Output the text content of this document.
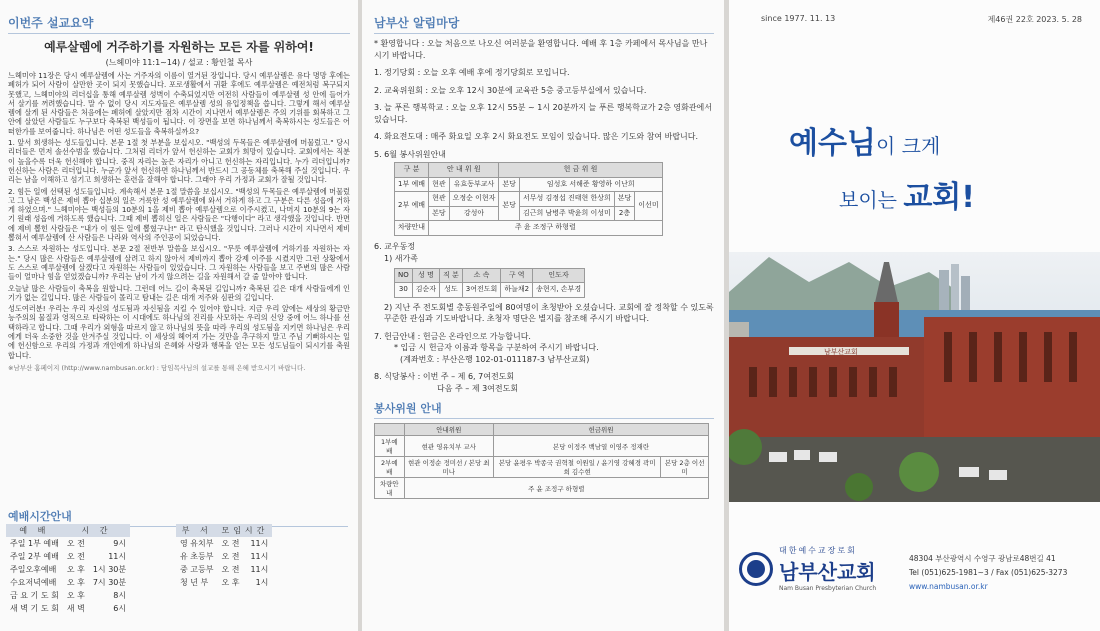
이번주 설교요약
예루살렘에 거주하기를 자원하는 모든 자를 위하여!
(느헤미야 11:1~14) / 설교 : 황인철 목사

느헤미야 11장은 당시 예루살렘에 사는 거주자의 이름이 열거된 장입니다. 당시 예루살렘은 유다 명망 후에는 폐허가 되어 사람이 살만한 곳이 되지 못했습니다. 포로생활에서 귀환 후에도 예루살렘은 예전처럼 복구되지 못했고, 느헤미야의 리더십을 통해 예루살렘 성벽이 수축되었지만 여전히 사람들이 예루살렘 성 안에 들어가서 살기를 꺼려했습니다. 말 수 없이 당시 지도자들은 예루살렘 성의 유입정책을 씁니다. 그렇게 해서 예루살렘에 살게 된 사람들은 처음에는 폐허에 살았지만 점차 시간이 지나면서 예루살렘은 주의 기위를 회복하고 그 안에 살았던 사람들도 누구보다 축복된 백성들이 됩니다. 이 장면을 보면 하나님께서 축복하시는 성도들은 어떠한가를 보여줍니다. 하나님은 어떤 성도들을 축복하실까요?

1. 앞서 희생하는 성도들입니다. 본문 1절 첫 부분을 보십시오. "백성의 두목들은 예루살렘에 머물렀고." 당시 리더들은 먼저 솔선수범을 했습니다. 그처럼 리더가 앞서 헌신하는 교회가 희망이 있습니다. 교회에서는 직분이 높을수록 더욱 헌신해야 합니다. 중직 자리는 높은 자리가 아니고 헌신하는 자리입니다. 누가 리더입니까? 헌신하는 사람은 리더입니다. 누군가 앞서 헌신하면 하나님께서 반드시 그 공동체를 축복해 주실 것입니다. 우리는 남을 이해하고 섬기고 희생하는 훈련을 잘해야 합니다. 그래야 우리 가정과 교회가 잘될 것입니다.

2. 힘든 일에 선택된 성도들입니다. 계속해서 본문 1절 말씀을 보십시오. "백성의 두목들은 예루살렘에 머물렀고 그 남은 백성은 제비 뽑아 십분의 일은 거룩한 성 예루살렘에 와서 거하게 하고 그 구분은 다른 성읍에 거하게 하였으며." 느헤미야는 백성들의 10분의 1을 제비 뽑아 예루살렘으로 이주시켰고, 나머지 10분의 9는 자기 원래 성읍에 거하도록 했습니다. 그때 제비 뽑히신 일은 사람들은 "다행이다" 라고 생각했을 것입니다. 반면에 제비 뽑힌 사람들은 "내가 이 힘든 일에 뽑혔구나!" 라고 탄식했을 것입니다. 그러나 시간이 지나면서 제비 뽑혀서 예루살렘에 산 사람들은 나라와 역사의 주인공이 되었습니다.

3. 스스로 자원하는 성도입니다. 본문 2절 전반부 말씀을 보십시오. "무릇 예루살렘에 거하기를 자원하는 자는." 당시 많은 사람들은 예루살렘에 살려고 하지 않아서 제비까지 뽑아 강제 이주를 시켰지만 그런 상황에서도 스스로 예루살렘에 살겠다고 자원하는 사람들이 있었습니다. 그 자원하는 사람들을 보고 주변의 많은 사람들이 얼마나 힘을 얻었겠습니까? 우리는 남이 가지 않으려는 길을 자원해서 갈 줄 알아야 합니다.

오늘날 많은 사람들이 축복을 원합니다. 그런데 어느 길이 축복된 길입니까? 축복된 길은 대개 사람들에게 인기가 없는 길입니다. 많은 사람들이 몰리고 탐내는 길은 대개 저주와 심판의 길입니다.

성도여러분! 우리는 우리 자신의 성도됨과 자신됨을 지킬 수 있어야 합니다. 지금 우리 앞에는 세상의 황금만능주의의 물질과 영적으로 타락하는 이 시대에도 하나님의 진리를 사모하는 우리의 신앙 중에 어느 하나를 선택하라고 합니다. 그때 우리가 외형을 따르지 않고 하나님의 뜻을 따라 우리의 성도됨을 지키면 하나님은 우리에게 더욱 소중한 것을 안겨주실 것입니다. 이 세상의 헤어져 가는 것만을 추구하지 말고 주님 기뻐하시는 일에 헌신함으로 우리의 가정과 개인에게 하나님의 은혜와 사랑과 행복을 얻는 모든 성도님들이 되시기를 축원합니다.

※남부산 홈페이지 (http://www.nambusan.or.kr) : 담임목사님의 설교를 통해 은혜 받으시기 바랍니다.
예배시간안내
예 배	시 간	
주일 1부 예배	오 전	9시
주일 2부 예배	오 전	11시
주일오후예배	오 후	1시 30분
수요저녁예배	오 후	7시 30분
금 요 기 도 회	오 후	8시
새 벽 기 도 회	새 벽	6시
부 서	모임시간	
영 유치부	오 전	11시
유 초등부	오 전	11시
중 고등부	오 전	11시
청 년 부	오 후	1시
남부산 알림마당
* 환영합니다 : 오늘 처음으로 나오신 여러분을 환영합니다. 예배 후 1층 카페에서 목사님을 만나시기 바랍니다.
1. 정기당회 : 오늘 오후 예배 후에 정기당회로 모입니다.
2. 교육위원회 : 오늘 오후 12시 30분에 교육관 5층 중고등부실에서 있습니다.
3. 늘 푸른 행복학교 : 오늘 오후 12시 55분 ~ 1시 20분까지 늘 푸른 행복학교가 2층 영화관에서 있습니다.
4. 화요전도대 : 매주 화요일 오후 2시 화요전도 모임이 있습니다. 많은 기도와 참여 바랍니다.
5. 6월 봉사위원안내
구 분	안 내 위 원		헌 금 위 원			
1부 예배	현관	유효동부교사	본당	임성호 서해준 황영하 이난희		
2부 예배	현관	오정순 이현자	본당	서무성 김정섭 진태현 한상희	본당	이선미
	본당	강성아		김근희 남병주 박윤희 이성미	2층	
차량안내	주 윤 조정구 하형렬					
6. 교우동정
1) 새가족
NO	성 명	직 분	소 속	구 역	인도자
30	김순자	성도	3여전도회	하늘채2	송현지, 손부경
2) 지난 주 전도회별 총동원주일에 80여명이 초청받아 오셨습니다. 교회에 잘 정착할 수 있도록 꾸준한 관심과 기도바랍니다. 초청자 명단은 별지를 참조해 주시기 바랍니다.
7. 헌금안내 : 헌금은 온라인으로 가능합니다.
* 입금 시 헌금자 이름과 항목을 구분하여 주시기 바랍니다.
(계좌번호 : 부산은행 102-01-011187-3 남부산교회)
8. 식당봉사 : 이번 주 – 제 6, 7여전도회
다음 주 – 제 3여전도회
봉사위원 안내
	안내위원	헌금위원	
1부예배	현관 영유치부 교사	본당 이정주 백남열 이영주 정재란	
2부예배	현관 이정순 정미선 / 본당 최미나	본당 윤평우 박종국 권혁철 이원일 / 윤기영 강혜경 곽미희 김수현	본당 2층 이선미
차량안내	주 윤 조정구 하형렬		
since 1977. 11. 13	제46권 22호 2023. 5. 28
예수님이 크게
보이는 교회!
남부산교회
대한예수교장로회
남부산교회
Nam Busan Presbyterian Church
48304 부산광역시 수영구 광남로48번길 41
Tel (051)625-1981~3 / Fax (051)625-3273
www.nambusan.or.kr
